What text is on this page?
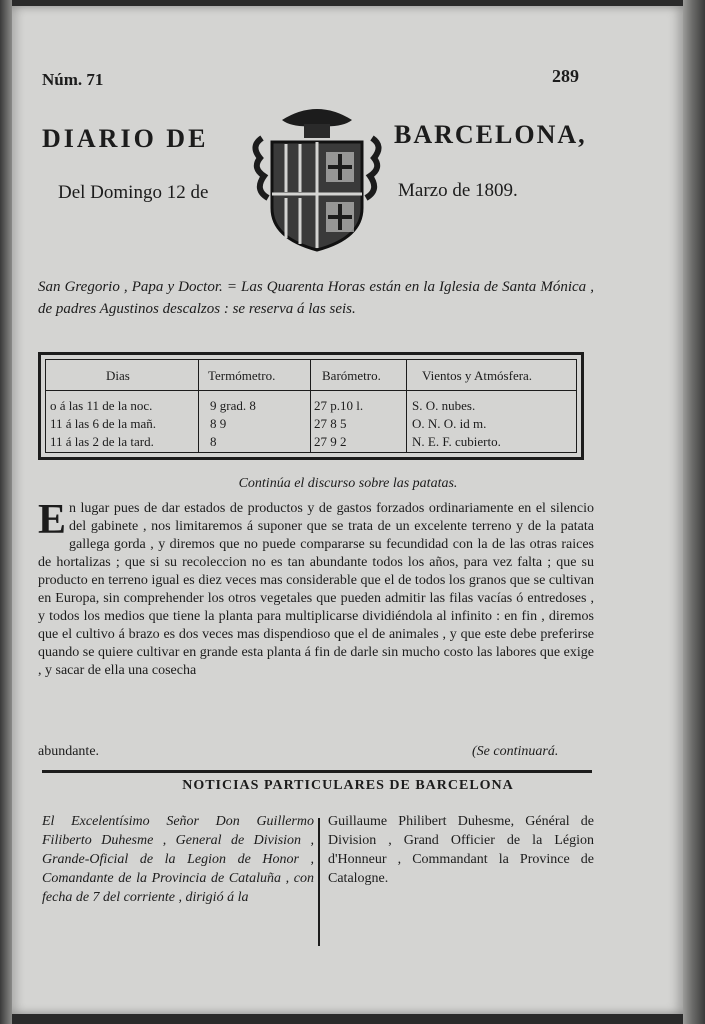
Núm. 71	289
DIARIO DE	BARCELONA,
Del Domingo 12 de	Marzo de 1809.
San Gregorio , Papa y Doctor. = Las Quarenta Horas están en la Iglesia de Santa Mónica , de padres Agustinos descalzos : se reserva á las seis.
Dias	Termómetro.	Barómetro.	Vientos y Atmósfera.
o á las 11 de la noc.	9 grad. 8	27 p.10 l.	S. O. nubes.
11 á las 6 de la mañ.	8 9	27 8 5	O. N. O. id m.
11 á las 2 de la tard.	8	27 9 2	N. E. F. cubierto.
Continúa el discurso sobre las patatas.
En lugar pues de dar estados de productos y de gastos forzados ordinariamente en el silencio del gabinete , nos limitaremos á suponer que se trata de un excelente terreno y de la patata gallega gorda , y diremos que no puede compararse su fecundidad con la de las otras raices de hortalizas ; que si su recoleccion no es tan abundante todos los años, para vez falta ; que su producto en terreno igual es diez veces mas considerable que el de todos los granos que se cultivan en Europa, sin comprehender los otros vegetales que pueden admitir las filas vacías ó entredoses , y todos los medios que tiene la planta para multiplicarse dividiéndola al infinito : en fin , diremos que el cultivo á brazo es dos veces mas dispendioso que el de animales , y que este debe preferirse quando se quiere cultivar en grande esta planta á fin de darle sin mucho costo las labores que exige , y sacar de ella una cosecha
abundante.	(Se continuará.
NOTICIAS PARTICULARES DE BARCELONA
El Excelentísimo Señor Don Guillermo Filiberto Duhesme , General de Division , Grande-Oficial de la Legion de Honor , Comandante de la Provincia de Cataluña , con fecha de 7 del corriente , dirigió á la
Guillaume Philibert Duhesme, Général de Division , Grand Officier de la Légion d'Honneur , Commandant la Province de Catalogne.
